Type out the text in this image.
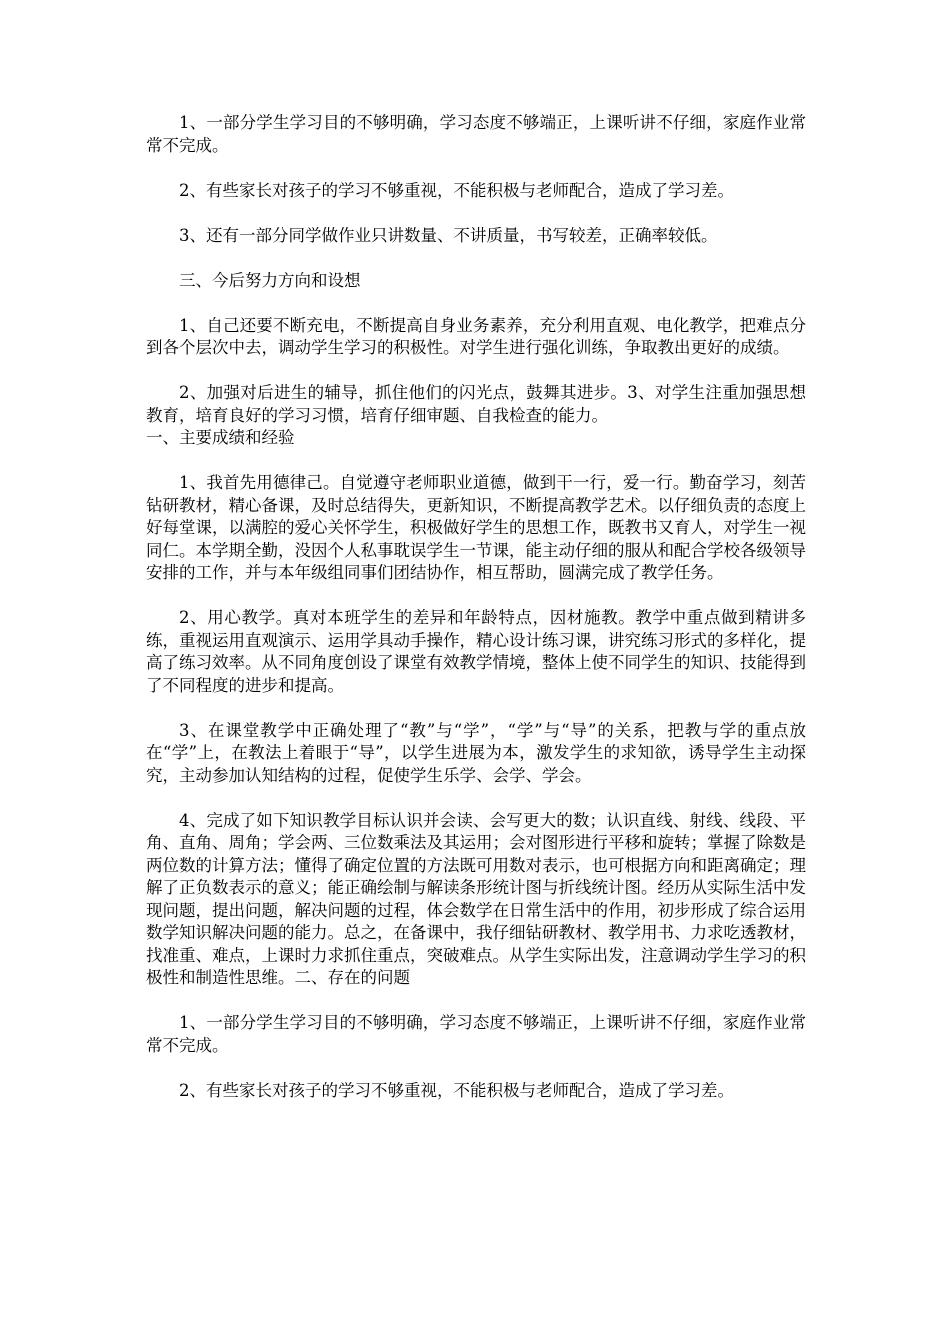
1、一部分学生学习目的不够明确，学习态度不够端正，上课听讲不仔细，家庭作业常常不完成。

2、有些家长对孩子的学习不够重视，不能积极与老师配合，造成了学习差。

3、还有一部分同学做作业只讲数量、不讲质量，书写较差，正确率较低。

三、今后努力方向和设想

1、自己还要不断充电，不断提高自身业务素养，充分利用直观、电化教学，把难点分到各个层次中去，调动学生学习的积极性。对学生进行强化训练，争取教出更好的成绩。

2、加强对后进生的辅导，抓住他们的闪光点，鼓舞其进步。3、对学生注重加强思想教育，培育良好的学习习惯，培育仔细审题、自我检查的能力。

一、主要成绩和经验

1、我首先用德律己。自觉遵守老师职业道德，做到干一行，爱一行。勤奋学习，刻苦钻研教材，精心备课，及时总结得失，更新知识，不断提高教学艺术。以仔细负责的态度上好每堂课，以满腔的爱心关怀学生，积极做好学生的思想工作，既教书又育人，对学生一视同仁。本学期全勤，没因个人私事耽误学生一节课，能主动仔细的服从和配合学校各级领导安排的工作，并与本年级组同事们团结协作，相互帮助，圆满完成了教学任务。

2、用心教学。真对本班学生的差异和年龄特点，因材施教。教学中重点做到精讲多练，重视运用直观演示、运用学具动手操作，精心设计练习课，讲究练习形式的多样化，提高了练习效率。从不同角度创设了课堂有效教学情境，整体上使不同学生的知识、技能得到了不同程度的进步和提高。

3、在课堂教学中正确处理了“教”与“学”，“学”与“导”的关系，把教与学的重点放在“学”上，在教法上着眼于“导”，以学生进展为本，激发学生的求知欲，诱导学生主动探究，主动参加认知结构的过程，促使学生乐学、会学、学会。

4、完成了如下知识教学目标认识并会读、会写更大的数；认识直线、射线、线段、平角、直角、周角；学会两、三位数乘法及其运用；会对图形进行平移和旋转；掌握了除数是两位数的计算方法；懂得了确定位置的方法既可用数对表示，也可根据方向和距离确定；理解了正负数表示的意义；能正确绘制与解读条形统计图与折线统计图。经历从实际生活中发现问题，提出问题，解决问题的过程，体会数学在日常生活中的作用，初步形成了综合运用数学知识解决问题的能力。总之，在备课中，我仔细钻研教材、教学用书、力求吃透教材，找准重、难点，上课时力求抓住重点，突破难点。从学生实际出发，注意调动学生学习的积极性和制造性思维。二、存在的问题

1、一部分学生学习目的不够明确，学习态度不够端正，上课听讲不仔细，家庭作业常常不完成。

2、有些家长对孩子的学习不够重视，不能积极与老师配合，造成了学习差。
